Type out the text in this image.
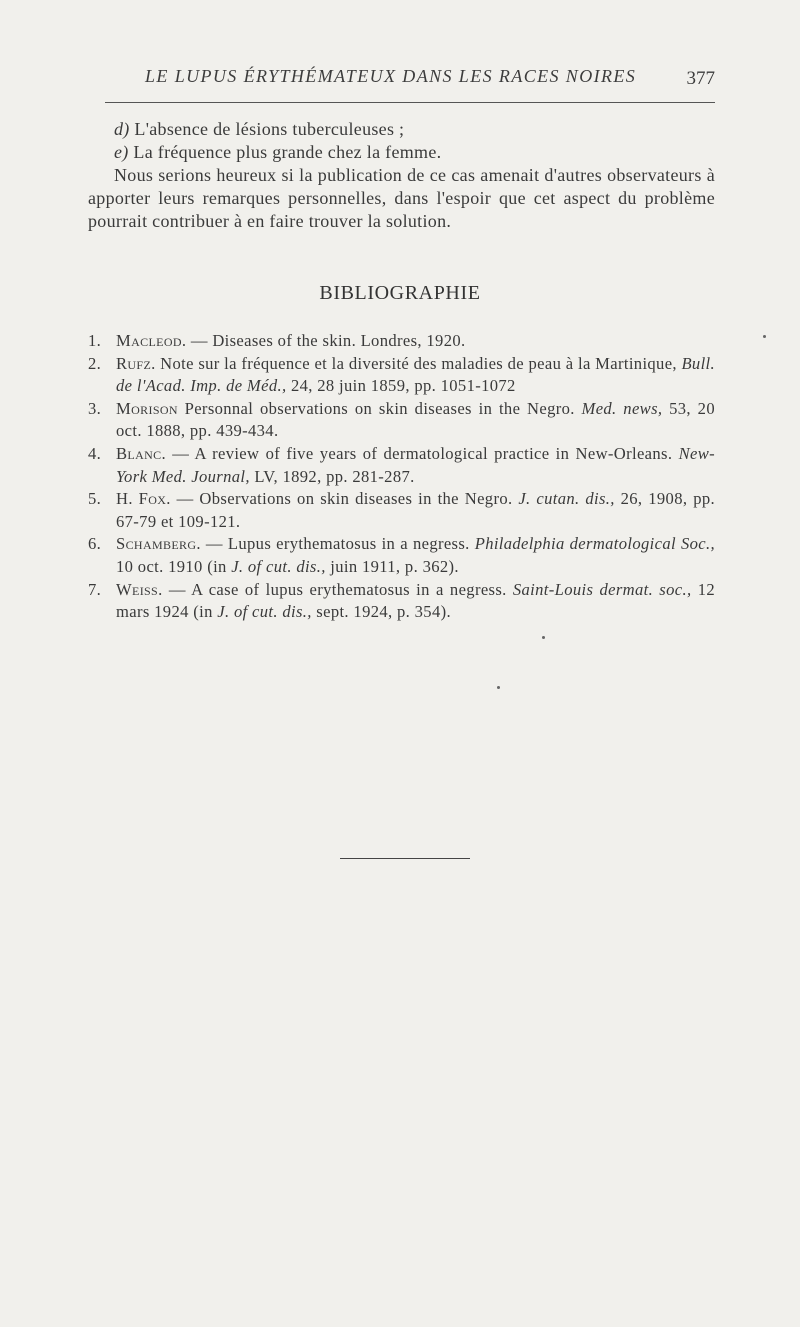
LE LUPUS ÉRYTHÉMATEUX DANS LES RACES NOIRES	377

d) L'absence de lésions tuberculeuses ;

e) La fréquence plus grande chez la femme.

Nous serions heureux si la publication de ce cas amenait d'autres observateurs à apporter leurs remarques personnelles, dans l'espoir que cet aspect du problème pourrait contribuer à en faire trouver la solution.

BIBLIOGRAPHIE
1. Macleod. — Diseases of the skin. Londres, 1920.
2. Rufz. Note sur la fréquence et la diversité des maladies de peau à la Martinique, Bull. de l'Acad. Imp. de Méd., 24, 28 juin 1859, pp. 1051-1072
3. Morison Personnal observations on skin diseases in the Negro. Med. news, 53, 20 oct. 1888, pp. 439-434.
4. Blanc. — A review of five years of dermatological practice in New-Orleans. New-York Med. Journal, LV, 1892, pp. 281-287.
5. H. Fox. — Observations on skin diseases in the Negro. J. cutan. dis., 26, 1908, pp. 67-79 et 109-121.
6. Schamberg. — Lupus erythematosus in a negress. Philadelphia dermatological Soc., 10 oct. 1910 (in J. of cut. dis., juin 1911, p. 362).
7. Weiss. — A case of lupus erythematosus in a negress. Saint-Louis dermat. soc., 12 mars 1924 (in J. of cut. dis., sept. 1924, p. 354).
